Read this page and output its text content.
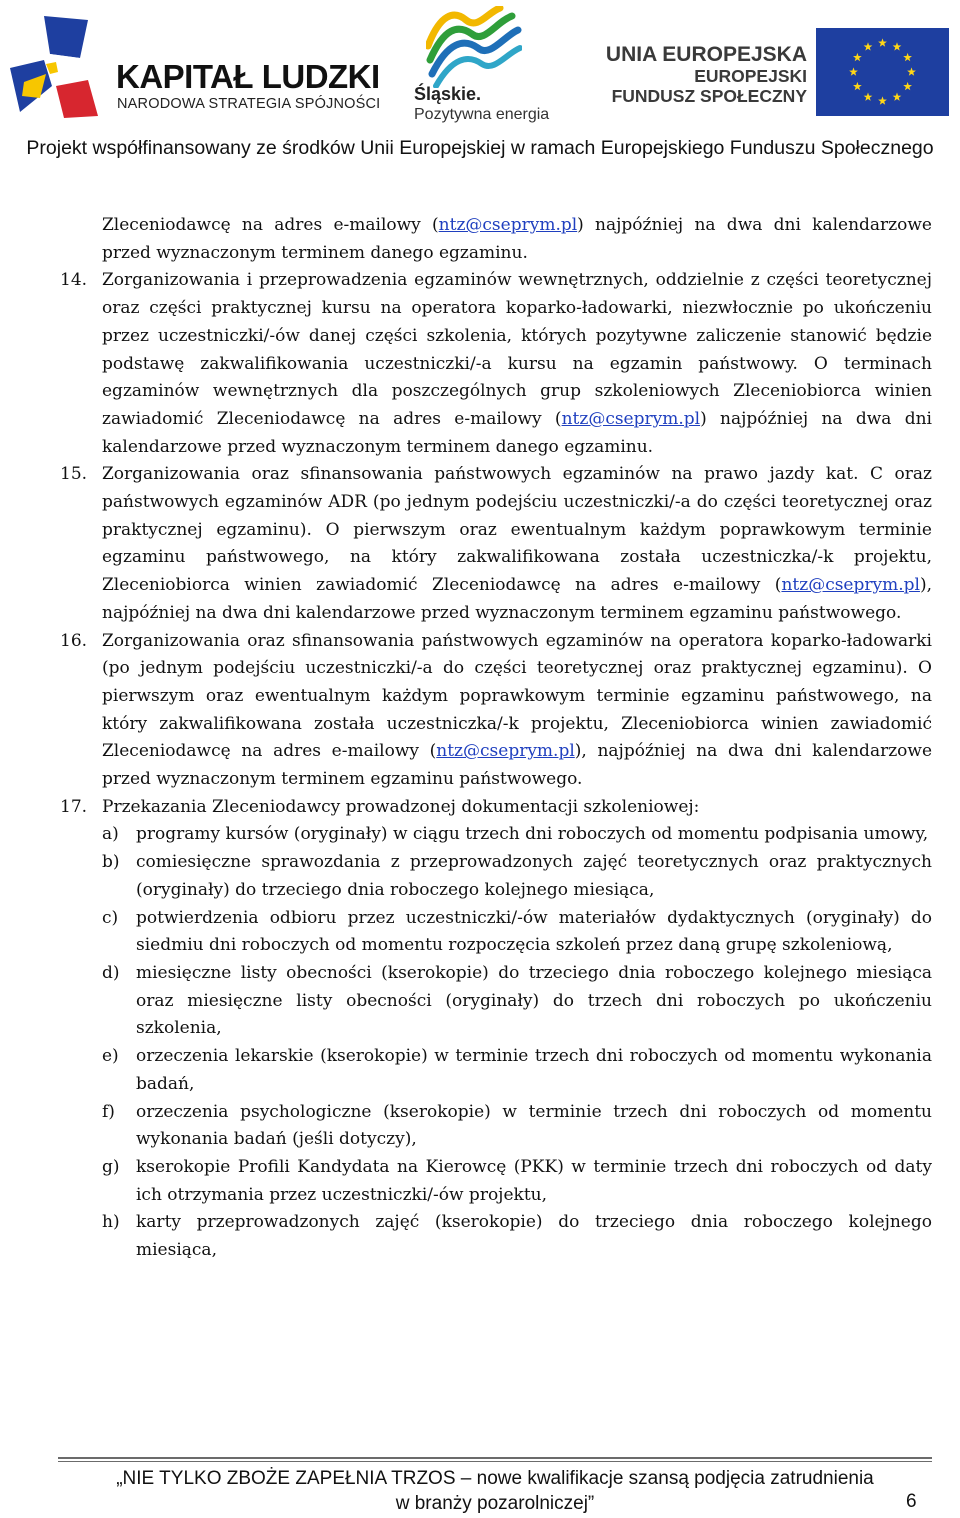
KAPITAŁ LUDZKI
NARODOWA STRATEGIA SPÓJNOŚCI Śląskie.
Pozytywna energia
UNIA EUROPEJSKA
EUROPEJSKI
FUNDUSZ SPOŁECZNY
Projekt współfinansowany ze środków Unii Europejskiej w ramach Europejskiego Funduszu Społecznego
Zleceniodawcę na adres e-mailowy (ntz@cseprym.pl) najpóźniej na dwa dni kalendarzowe przed wyznaczonym terminem danego egzaminu.
14. Zorganizowania i przeprowadzenia egzaminów wewnętrznych, oddzielnie z części teoretycznej oraz części praktycznej kursu na operatora koparko-ładowarki, niezwłocznie po ukończeniu przez uczestniczki/-ów danej części szkolenia, których pozytywne zaliczenie stanowić będzie podstawę zakwalifikowania uczestniczki/-a kursu na egzamin państwowy. O terminach egzaminów wewnętrznych dla poszczególnych grup szkoleniowych Zleceniobiorca winien zawiadomić Zleceniodawcę na adres e-mailowy (ntz@cseprym.pl) najpóźniej na dwa dni kalendarzowe przed wyznaczonym terminem danego egzaminu.
15. Zorganizowania oraz sfinansowania państwowych egzaminów na prawo jazdy kat. C oraz państwowych egzaminów ADR (po jednym podejściu uczestniczki/-a do części teoretycznej oraz praktycznej egzaminu). O pierwszym oraz ewentualnym każdym poprawkowym terminie egzaminu państwowego, na który zakwalifikowana została uczestniczka/-k projektu, Zleceniobiorca winien zawiadomić Zleceniodawcę na adres e-mailowy (ntz@cseprym.pl), najpóźniej na dwa dni kalendarzowe przed wyznaczonym terminem egzaminu państwowego.
16. Zorganizowania oraz sfinansowania państwowych egzaminów na operatora koparko-ładowarki (po jednym podejściu uczestniczki/-a do części teoretycznej oraz praktycznej egzaminu). O pierwszym oraz ewentualnym każdym poprawkowym terminie egzaminu państwowego, na który zakwalifikowana została uczestniczka/-k projektu, Zleceniobiorca winien zawiadomić Zleceniodawcę na adres e-mailowy (ntz@cseprym.pl), najpóźniej na dwa dni kalendarzowe przed wyznaczonym terminem egzaminu państwowego.
17. Przekazania Zleceniodawcy prowadzonej dokumentacji szkoleniowej:
a) programy kursów (oryginały) w ciągu trzech dni roboczych od momentu podpisania umowy,
b) comiesięczne sprawozdania z przeprowadzonych zajęć teoretycznych oraz praktycznych (oryginały) do trzeciego dnia roboczego kolejnego miesiąca,
c) potwierdzenia odbioru przez uczestniczki/-ów materiałów dydaktycznych (oryginały) do siedmiu dni roboczych od momentu rozpoczęcia szkoleń przez daną grupę szkoleniową,
d) miesięczne listy obecności (kserokopie) do trzeciego dnia roboczego kolejnego miesiąca oraz miesięczne listy obecności (oryginały) do trzech dni roboczych po ukończeniu szkolenia,
e) orzeczenia lekarskie (kserokopie) w terminie trzech dni roboczych od momentu wykonania badań,
f) orzeczenia psychologiczne (kserokopie) w terminie trzech dni roboczych od momentu wykonania badań (jeśli dotyczy),
g) kserokopie Profili Kandydata na Kierowcę (PKK) w terminie trzech dni roboczych od daty ich otrzymania przez uczestniczki/-ów projektu,
h) karty przeprowadzonych zajęć (kserokopie) do trzeciego dnia roboczego kolejnego miesiąca,
„NIE TYLKO ZBOŻE ZAPEŁNIA TRZOS – nowe kwalifikacje szansą podjęcia zatrudnienia
w branży pozarolniczej”	6
